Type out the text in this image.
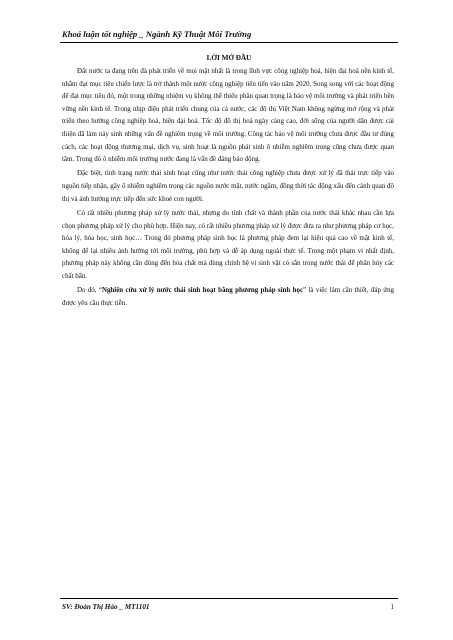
Khoá luận tốt nghiệp _ Ngành Kỹ Thuật Môi Trường
LỜI MỞ ĐẦU

Đất nước ta đang trên đà phát triển về mọi mặt nhất là trong lĩnh vực công nghiệp hoá, hiện đại hoá nền kinh tế, nhằm đạt mục tiêu chiến lược là trở thành một nước công nghiệp tiên tiến vào năm 2020. Song song với các hoạt động để đạt mục tiêu đó, một trong những nhiệm vụ không thể thiếu phần quan trọng là bảo vệ môi trường và phát triển bền vững nền kinh tế. Trong nhịp điệu phát triển chung của cả nước, các đô thị Việt Nam không ngừng mở rộng và phát triển theo hướng công nghiệp hoá, hiện đại hoá. Tốc độ đô thị hoá ngày càng cao, đời sống của người dân được cải thiện đã làm nảy sinh những vấn đề nghiêm trọng về môi trường. Công tác bảo vệ môi trường chưa được đầu tư đúng cách, các hoạt động thương mại, dịch vụ, sinh hoạt là nguồn phát sinh ô nhiễm nghiêm trọng cũng chưa được quan tâm. Trong đó ô nhiễm môi trường nước đang là vấn đề đáng báo động.

Đặc biệt, tình trạng nước thải sinh hoạt cũng như nước thải công nghiệp chưa được xử lý đã thải trực tiếp vào nguồn tiếp nhận, gây ô nhiễm nghiêm trọng các nguồn nước mặt, nước ngầm, đồng thời tác động xấu đến cảnh quan đô thị và ảnh hưởng trực tiếp đến sức khoẻ con người.

Có rất nhiều phương pháp xử lý nước thải, nhưng do tính chất và thành phần của nước thải khác nhau cần lựa chọn phương pháp xử lý cho phù hợp. Hiện nay, có rất nhiều phương pháp xử lý được đưa ra như phương pháp cơ học, hóa lý, hóa học, sinh học… Trong đó phương pháp sinh học là phương pháp đem lại hiệu quả cao về mặt kinh tế, không để lại nhiều ảnh hưởng tới môi trường, phù hợp và dễ áp dụng ngoài thực tế. Trong một phạm vi nhất định, phương pháp này không cần dùng đến hóa chất mà dùng chính hệ vi sinh vật có sẵn trong nước thải để phân hủy các chất bẩn.

Do đó, “Nghiên cứu xử lý nước thải sinh hoạt bằng phương pháp sinh học” là việc làm cần thiết, đáp ứng được yêu cầu thực tiễn.

SV: Đoàn Thị Hảo _ MT1101	1
